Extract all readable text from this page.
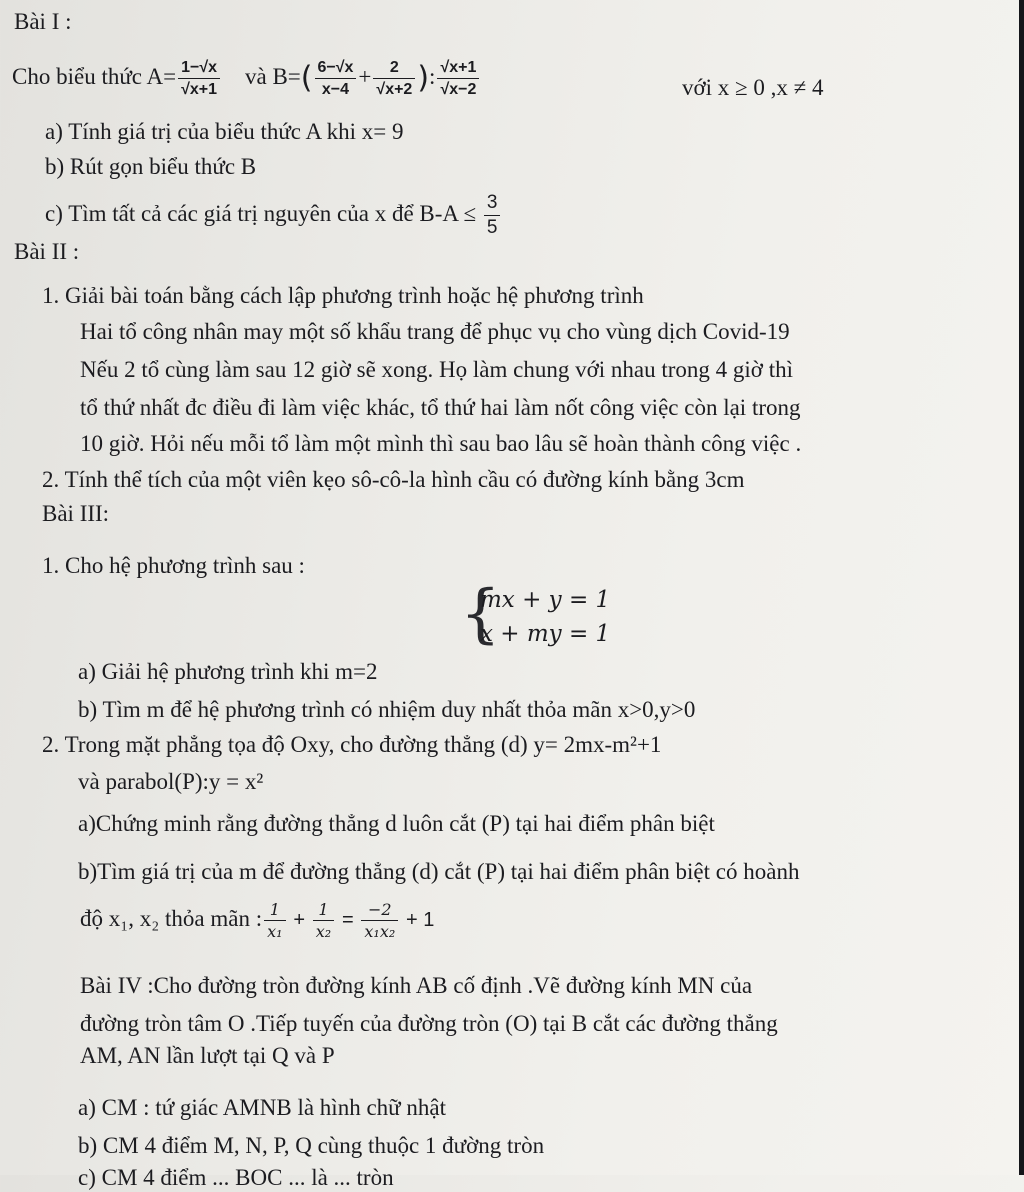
Bài I :
Cho biểu thức $A= \frac{1-√x}{√x+1}$ và $B=( \frac{6-√x}{x-4} + \frac{2}{√x+2}$ ): $\frac{√x+1}{√x-2}$	với x ≥ 0 ,x ≠ 4
a) Tính giá trị của biểu thức A khi x= 9
b) Rút gọn biểu thức B
c) Tìm tất cả các giá trị nguyên của x để $B-A \le \frac{3}{5}$
Bài II :
1. Giải bài toán bằng cách lập phương trình hoặc hệ phương trình
Hai tổ công nhân may một số khẩu trang để phục vụ cho vùng dịch Covid-19
Nếu 2 tổ cùng làm sau 12 giờ sẽ xong. Họ làm chung với nhau trong 4 giờ thì
tổ thứ nhất đc điều đi làm việc khác, tổ thứ hai làm nốt công việc còn lại trong
10 giờ. Hỏi nếu mỗi tổ làm một mình thì sau bao lâu sẽ hoàn thành công việc .
2. Tính thể tích của một viên kẹo sô-cô-la hình cầu có đường kính bằng 3cm
Bài III:
1. Cho hệ phương trình sau :
{
mx + y = 1
x + my = 1
a) Giải hệ phương trình khi m=2
b) Tìm m để hệ phương trình có nhiệm duy nhất thỏa mãn x>0,y>0
2. Trong mặt phẳng tọa độ Oxy, cho đường thẳng (d) y= 2mx-m²+1
và parabol(P):y = x²
a)Chứng minh rằng đường thẳng d luôn cắt (P) tại hai điểm phân biệt
b)Tìm giá trị của m để đường thẳng (d) cắt (P) tại hai điểm phân biệt có hoành
độ x₁, x₂ thỏa mãn : $\frac{1}{\text{x₁}} + \frac{1}{\text{x₂}} = \frac{-2}{\text{x₁x₂}} + 1$
Bài IV :Cho đường tròn đường kính AB cố định .Vẽ đường kính MN của
đường tròn tâm O .Tiếp tuyến của đường tròn (O) tại B cắt các đường thẳng
AM, AN lần lượt tại Q và P
a) CM : tứ giác AMNB là hình chữ nhật
b) CM 4 điểm M, N, P, Q cùng thuộc 1 đường tròn
c) CM 4 điểm ... BOC ... là ... tròn
